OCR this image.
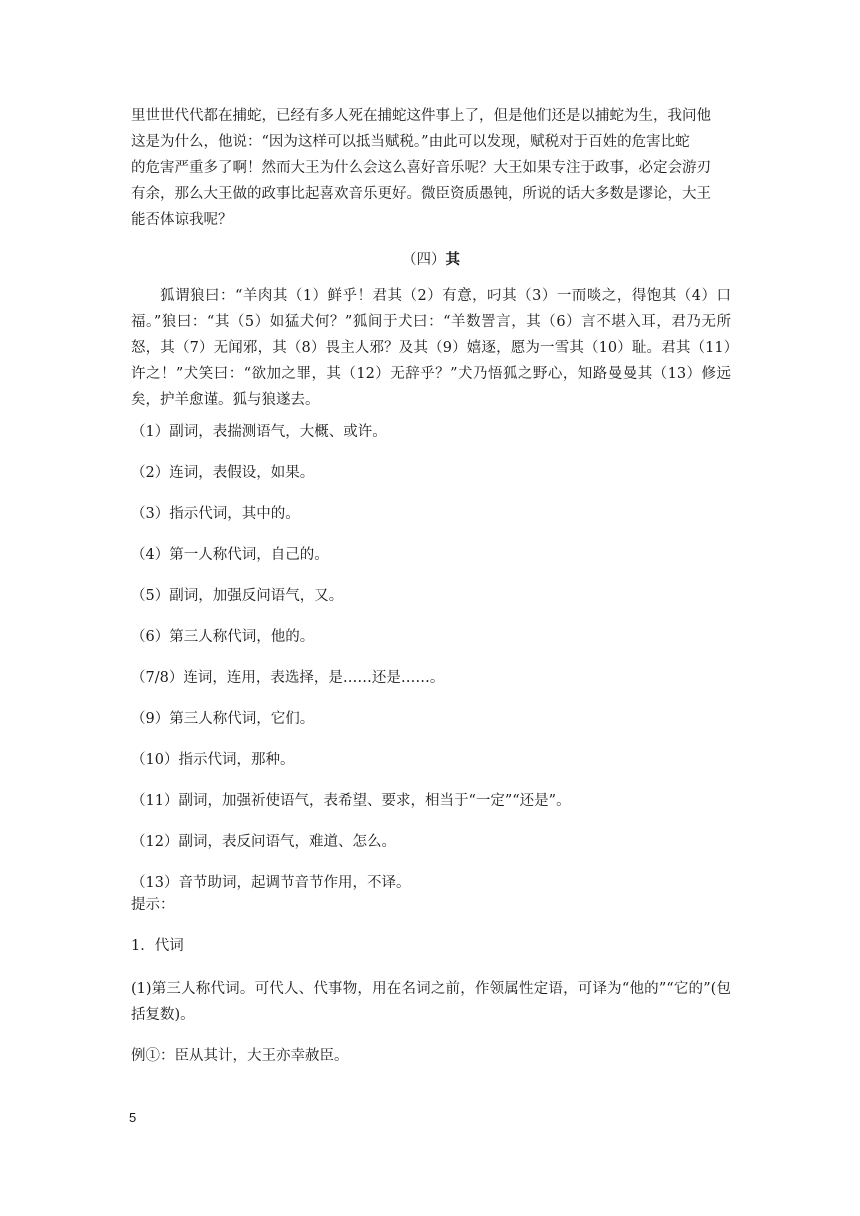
里世世代代都在捕蛇，已经有多人死在捕蛇这件事上了，但是他们还是以捕蛇为生，我问他

这是为什么，他说：“因为这样可以抵当赋税。”由此可以发现，赋税对于百姓的危害比蛇

的危害严重多了啊！然而大王为什么会这么喜好音乐呢？大王如果专注于政事，必定会游刃

有余，那么大王做的政事比起喜欢音乐更好。微臣资质愚钝，所说的话大多数是谬论，大王

能否体谅我呢？

（四）其

狐谓狼曰：“羊肉其（1）鲜乎！君其（2）有意，叼其（3）一而啖之，得饱其（4）口福。”狼曰：“其（5）如猛犬何？”狐间于犬曰：“羊数詈言，其（6）言不堪入耳，君乃无所怒，其（7）无闻邪，其（8）畏主人邪？及其（9）嬉逐，愿为一雪其（10）耻。君其（11）许之！”犬笑曰：“欲加之罪，其（12）无辞乎？”犬乃悟狐之野心，知路曼曼其（13）修远矣，护羊愈谨。狐与狼遂去。

（1）副词，表揣测语气，大概、或许。

（2）连词，表假设，如果。

（3）指示代词，其中的。

（4）第一人称代词，自己的。

（5）副词，加强反问语气，又。

（6）第三人称代词，他的。

（7/8）连词，连用，表选择，是……还是……。

（9）第三人称代词，它们。

（10）指示代词，那种。

（11）副词，加强祈使语气，表希望、要求，相当于“一定”“还是”。

（12）副词，表反问语气，难道、怎么。

（13）音节助词，起调节音节作用，不译。

提示：

1．代词

(1)第三人称代词。可代人、代事物，用在名词之前，作领属性定语，可译为“他的”“它的”(包括复数)。

例①：臣从其计，大王亦幸赦臣。

5
